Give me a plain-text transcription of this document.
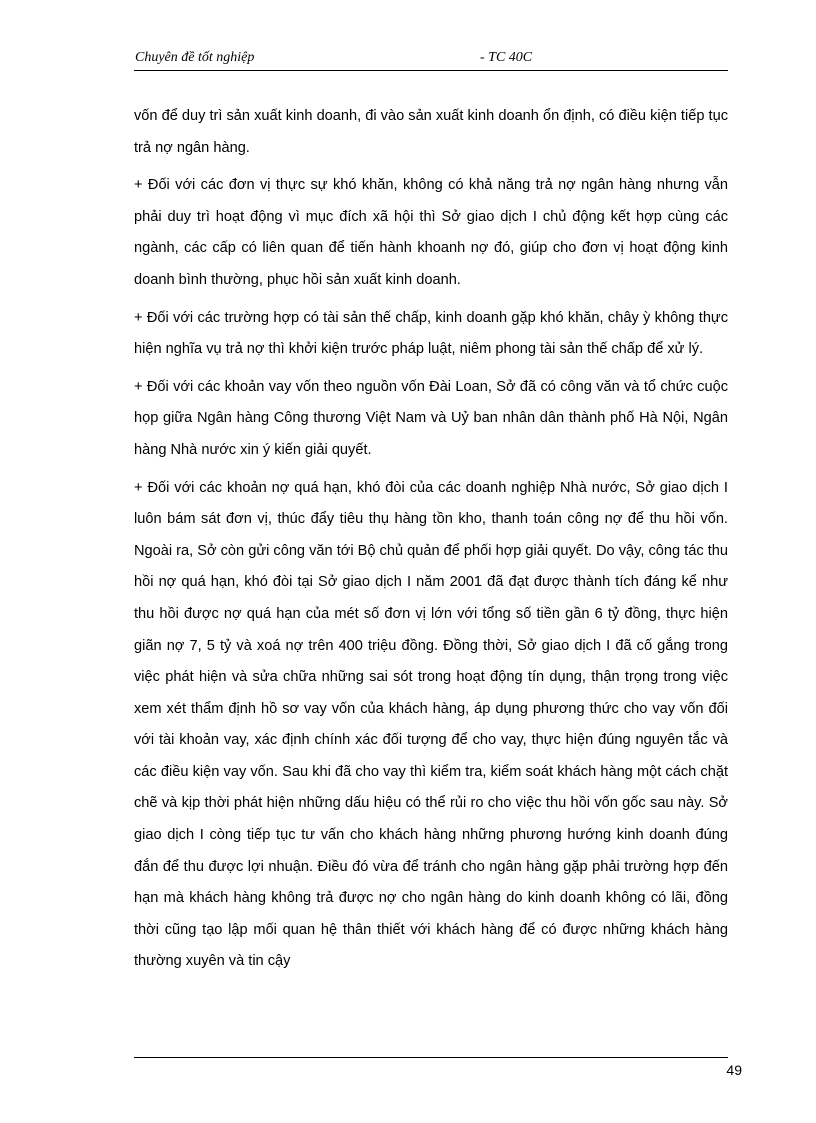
Chuyên đề tốt nghiệp	- TC 40C

vốn để duy trì sản xuất kinh doanh, đi vào sản xuất kinh doanh ổn định, có điều kiện tiếp tục trả nợ ngân hàng.

+ Đối với các đơn vị thực sự khó khăn, không có khả năng trả nợ ngân hàng nhưng vẫn phải duy trì hoạt động vì mục đích xã hội thì Sở giao dịch I chủ động kết hợp cùng các ngành, các cấp có liên quan để tiến hành khoanh nợ đó, giúp cho đơn vị hoạt động kinh doanh bình thường, phục hồi sản xuất kinh doanh.

+ Đối với các trường hợp có tài sản thế chấp, kinh doanh gặp khó khăn, chây ỳ không thực hiện nghĩa vụ trả nợ thì khởi kiện trước pháp luật, niêm phong tài sản thế chấp để xử lý.

+ Đối với các khoản vay vốn theo nguồn vốn Đài Loan, Sở đã có công văn và tổ chức cuộc họp giữa Ngân hàng Công thương Việt Nam và Uỷ ban nhân dân thành phố Hà Nội, Ngân hàng Nhà nước xin ý kiến giải quyết.

+ Đối với các khoản nợ quá hạn, khó đòi của các doanh nghiệp Nhà nước, Sở giao dịch I luôn bám sát đơn vị, thúc đẩy tiêu thụ hàng tồn kho, thanh toán công nợ để thu hồi vốn. Ngoài ra, Sở còn gửi công văn tới Bộ chủ quản để phối hợp giải quyết. Do vậy, công tác thu hồi nợ quá hạn, khó đòi tại Sở giao dịch I năm 2001 đã đạt được thành tích đáng kể như thu hồi được nợ quá hạn của mét số đơn vị lớn với tổng số tiền gần 6 tỷ đồng, thực hiện giãn nợ 7, 5 tỷ và xoá nợ trên 400 triệu đồng. Đồng thời, Sở giao dịch I đã cố gắng trong việc phát hiện và sửa chữa những sai sót trong hoạt động tín dụng, thận trọng trong việc xem xét thẩm định hồ sơ vay vốn của khách hàng, áp dụng phương thức cho vay vốn đối với tài khoản vay, xác định chính xác đối tượng để cho vay, thực hiện đúng nguyên tắc và các điều kiện vay vốn. Sau khi đã cho vay thì kiểm tra, kiểm soát khách hàng một cách chặt chẽ và kịp thời phát hiện những dấu hiệu có thể rủi ro cho việc thu hồi vốn gốc sau này. Sở giao dịch I còng tiếp tục tư vấn cho khách hàng những phương hướng kinh doanh đúng đắn để thu được lợi nhuận. Điều đó vừa để tránh cho ngân hàng gặp phải trường hợp đến hạn mà khách hàng không trả được nợ cho ngân hàng do kinh doanh không có lãi, đồng thời cũng tạo lập mối quan hệ thân thiết với khách hàng để có được những khách hàng thường xuyên và tin cậy

49
